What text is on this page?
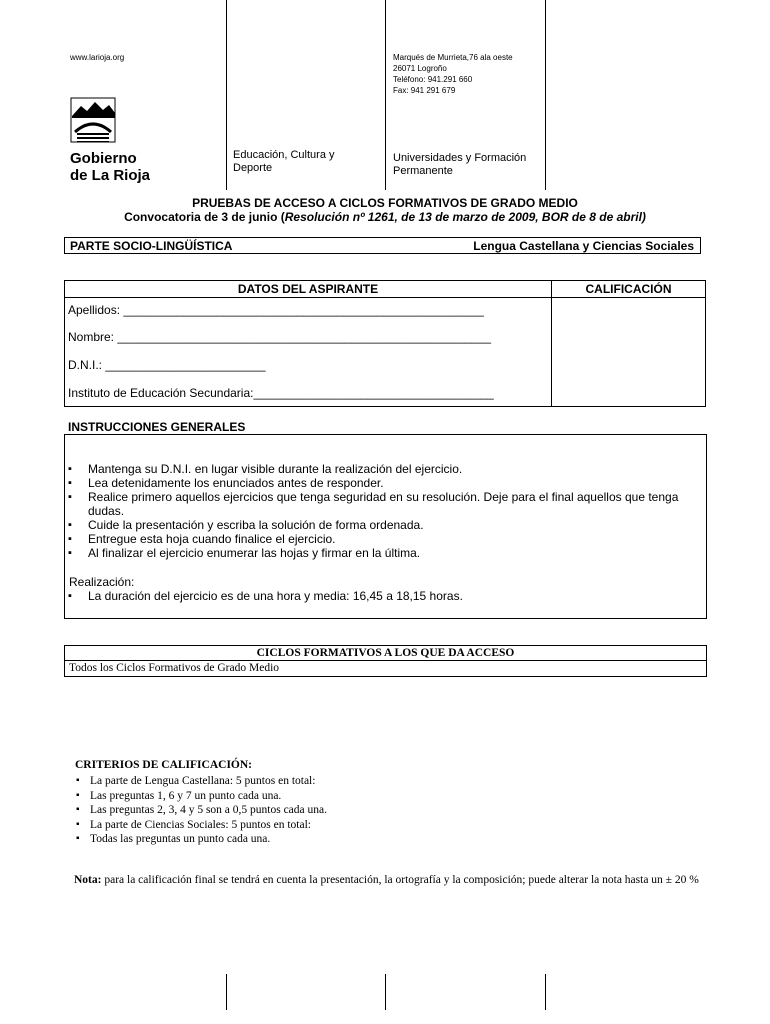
www.larioja.org	Marqués de Murrieta,76 ala oeste
26071 Logroño
Teléfono: 941.291 660
Fax: 941 291 679
Gobierno
de La Rioja
Educación, Cultura y
Deporte
Universidades y Formación
Permanente
PRUEBAS DE ACCESO A CICLOS FORMATIVOS DE GRADO MEDIO
Convocatoria de 3 de junio (Resolución nº 1261, de 13 de marzo de 2009, BOR de 8 de abril)
PARTE SOCIO-LINGÜÍSTICA	Lengua Castellana y Ciencias Sociales
DATOS DEL ASPIRANTE	CALIFICACIÓN
Apellidos: ______________________________________________________
Nombre: ________________________________________________________
D.N.I.: ________________________
Instituto de Educación Secundaria:____________________________________
INSTRUCCIONES GENERALES
▪ Mantenga su D.N.I. en lugar visible durante la realización del ejercicio.
▪ Lea detenidamente los enunciados antes de responder.
▪ Realice primero aquellos ejercicios que tenga seguridad en su resolución. Deje para el final aquellos que tenga dudas.
▪ Cuide la presentación y escriba la solución de forma ordenada.
▪ Entregue esta hoja cuando finalice el ejercicio.
▪ Al finalizar el ejercicio enumerar las hojas y firmar en la última.
Realización:
▪ La duración del ejercicio es de una hora y media: 16,45 a 18,15 horas.
CICLOS FORMATIVOS A LOS QUE DA ACCESO
Todos los Ciclos Formativos de Grado Medio
CRITERIOS DE CALIFICACIÓN:
▪ La parte de Lengua Castellana: 5 puntos en total:
▪ Las preguntas 1, 6 y 7 un punto cada una.
▪ Las preguntas 2, 3, 4 y 5 son a 0,5 puntos cada una.
▪ La parte de Ciencias Sociales: 5 puntos en total:
▪ Todas las preguntas un punto cada una.
Nota: para la calificación final se tendrá en cuenta la presentación, la ortografía y la composición; puede alterar la nota hasta un ± 20 %
